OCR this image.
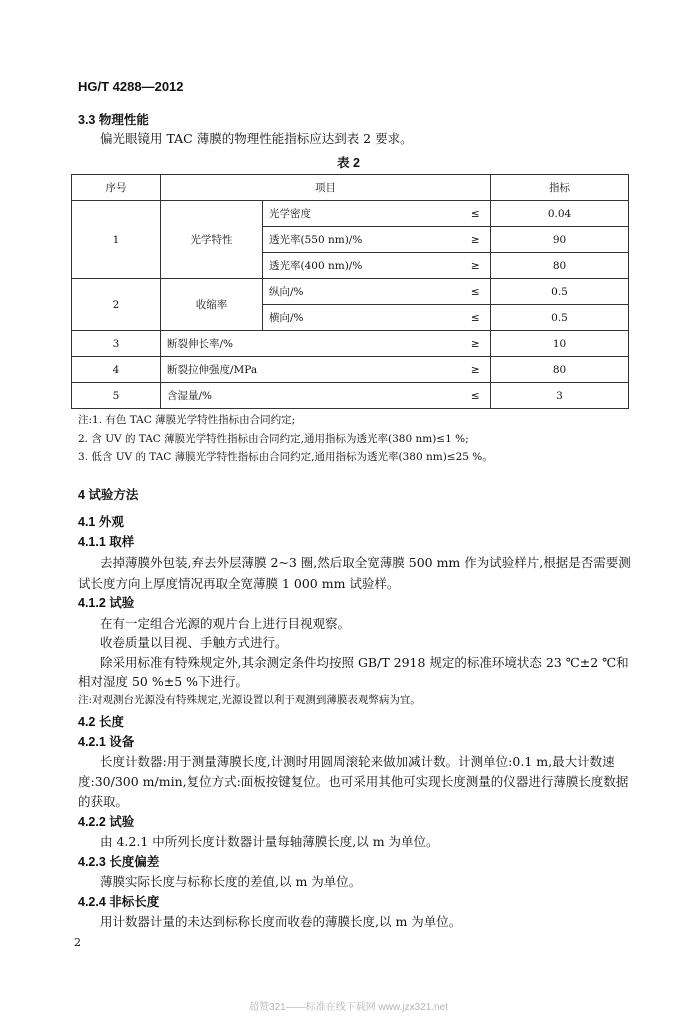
HG/T 4288—2012
3.3 物理性能
偏光眼镜用 TAC 薄膜的物理性能指标应达到表 2 要求。
表 2
序号	项目			指标
1	光学特性	光学密度	≤	0.04
		透光率(550 nm)/%	≥	90
		透光率(400 nm)/%	≥	80
2	收缩率	纵向/%	≤	0.5
		横向/%	≤	0.5
3	断裂伸长率/%		≥	10
4	断裂拉伸强度/MPa		≥	80
5	含湿量/%		≤	3
注:1. 有色 TAC 薄膜光学特性指标由合同约定;
2. 含 UV 的 TAC 薄膜光学特性指标由合同约定,通用指标为透光率(380 nm)≤1 %;
3. 低含 UV 的 TAC 薄膜光学特性指标由合同约定,通用指标为透光率(380 nm)≤25 %。
4 试验方法
4.1 外观
4.1.1 取样
去掉薄膜外包装,弃去外层薄膜 2~3 圈,然后取全宽薄膜 500 mm 作为试验样片,根据是否需要测
试长度方向上厚度情况再取全宽薄膜 1 000 mm 试验样。
4.1.2 试验
在有一定组合光源的观片台上进行目视观察。
收卷质量以目视、手触方式进行。
除采用标准有特殊规定外,其余测定条件均按照 GB/T 2918 规定的标准环境状态 23 ℃±2 ℃和
相对湿度 50 %±5 %下进行。
注:对观测台光源没有特殊规定,光源设置以利于观测到薄膜表观弊病为宜。
4.2 长度
4.2.1 设备
长度计数器:用于测量薄膜长度,计测时用圆周滚轮来做加减计数。计测单位:0.1 m,最大计数速
度:30/300 m/min,复位方式:面板按键复位。也可采用其他可实现长度测量的仪器进行薄膜长度数据
的获取。
4.2.2 试验
由 4.2.1 中所列长度计数器计量每轴薄膜长度,以 m 为单位。
4.2.3 长度偏差
薄膜实际长度与标称长度的差值,以 m 为单位。
4.2.4 非标长度
用计数器计量的未达到标称长度而收卷的薄膜长度,以 m 为单位。
2
超赞321——标准在线下载网 www.jzx321.net
